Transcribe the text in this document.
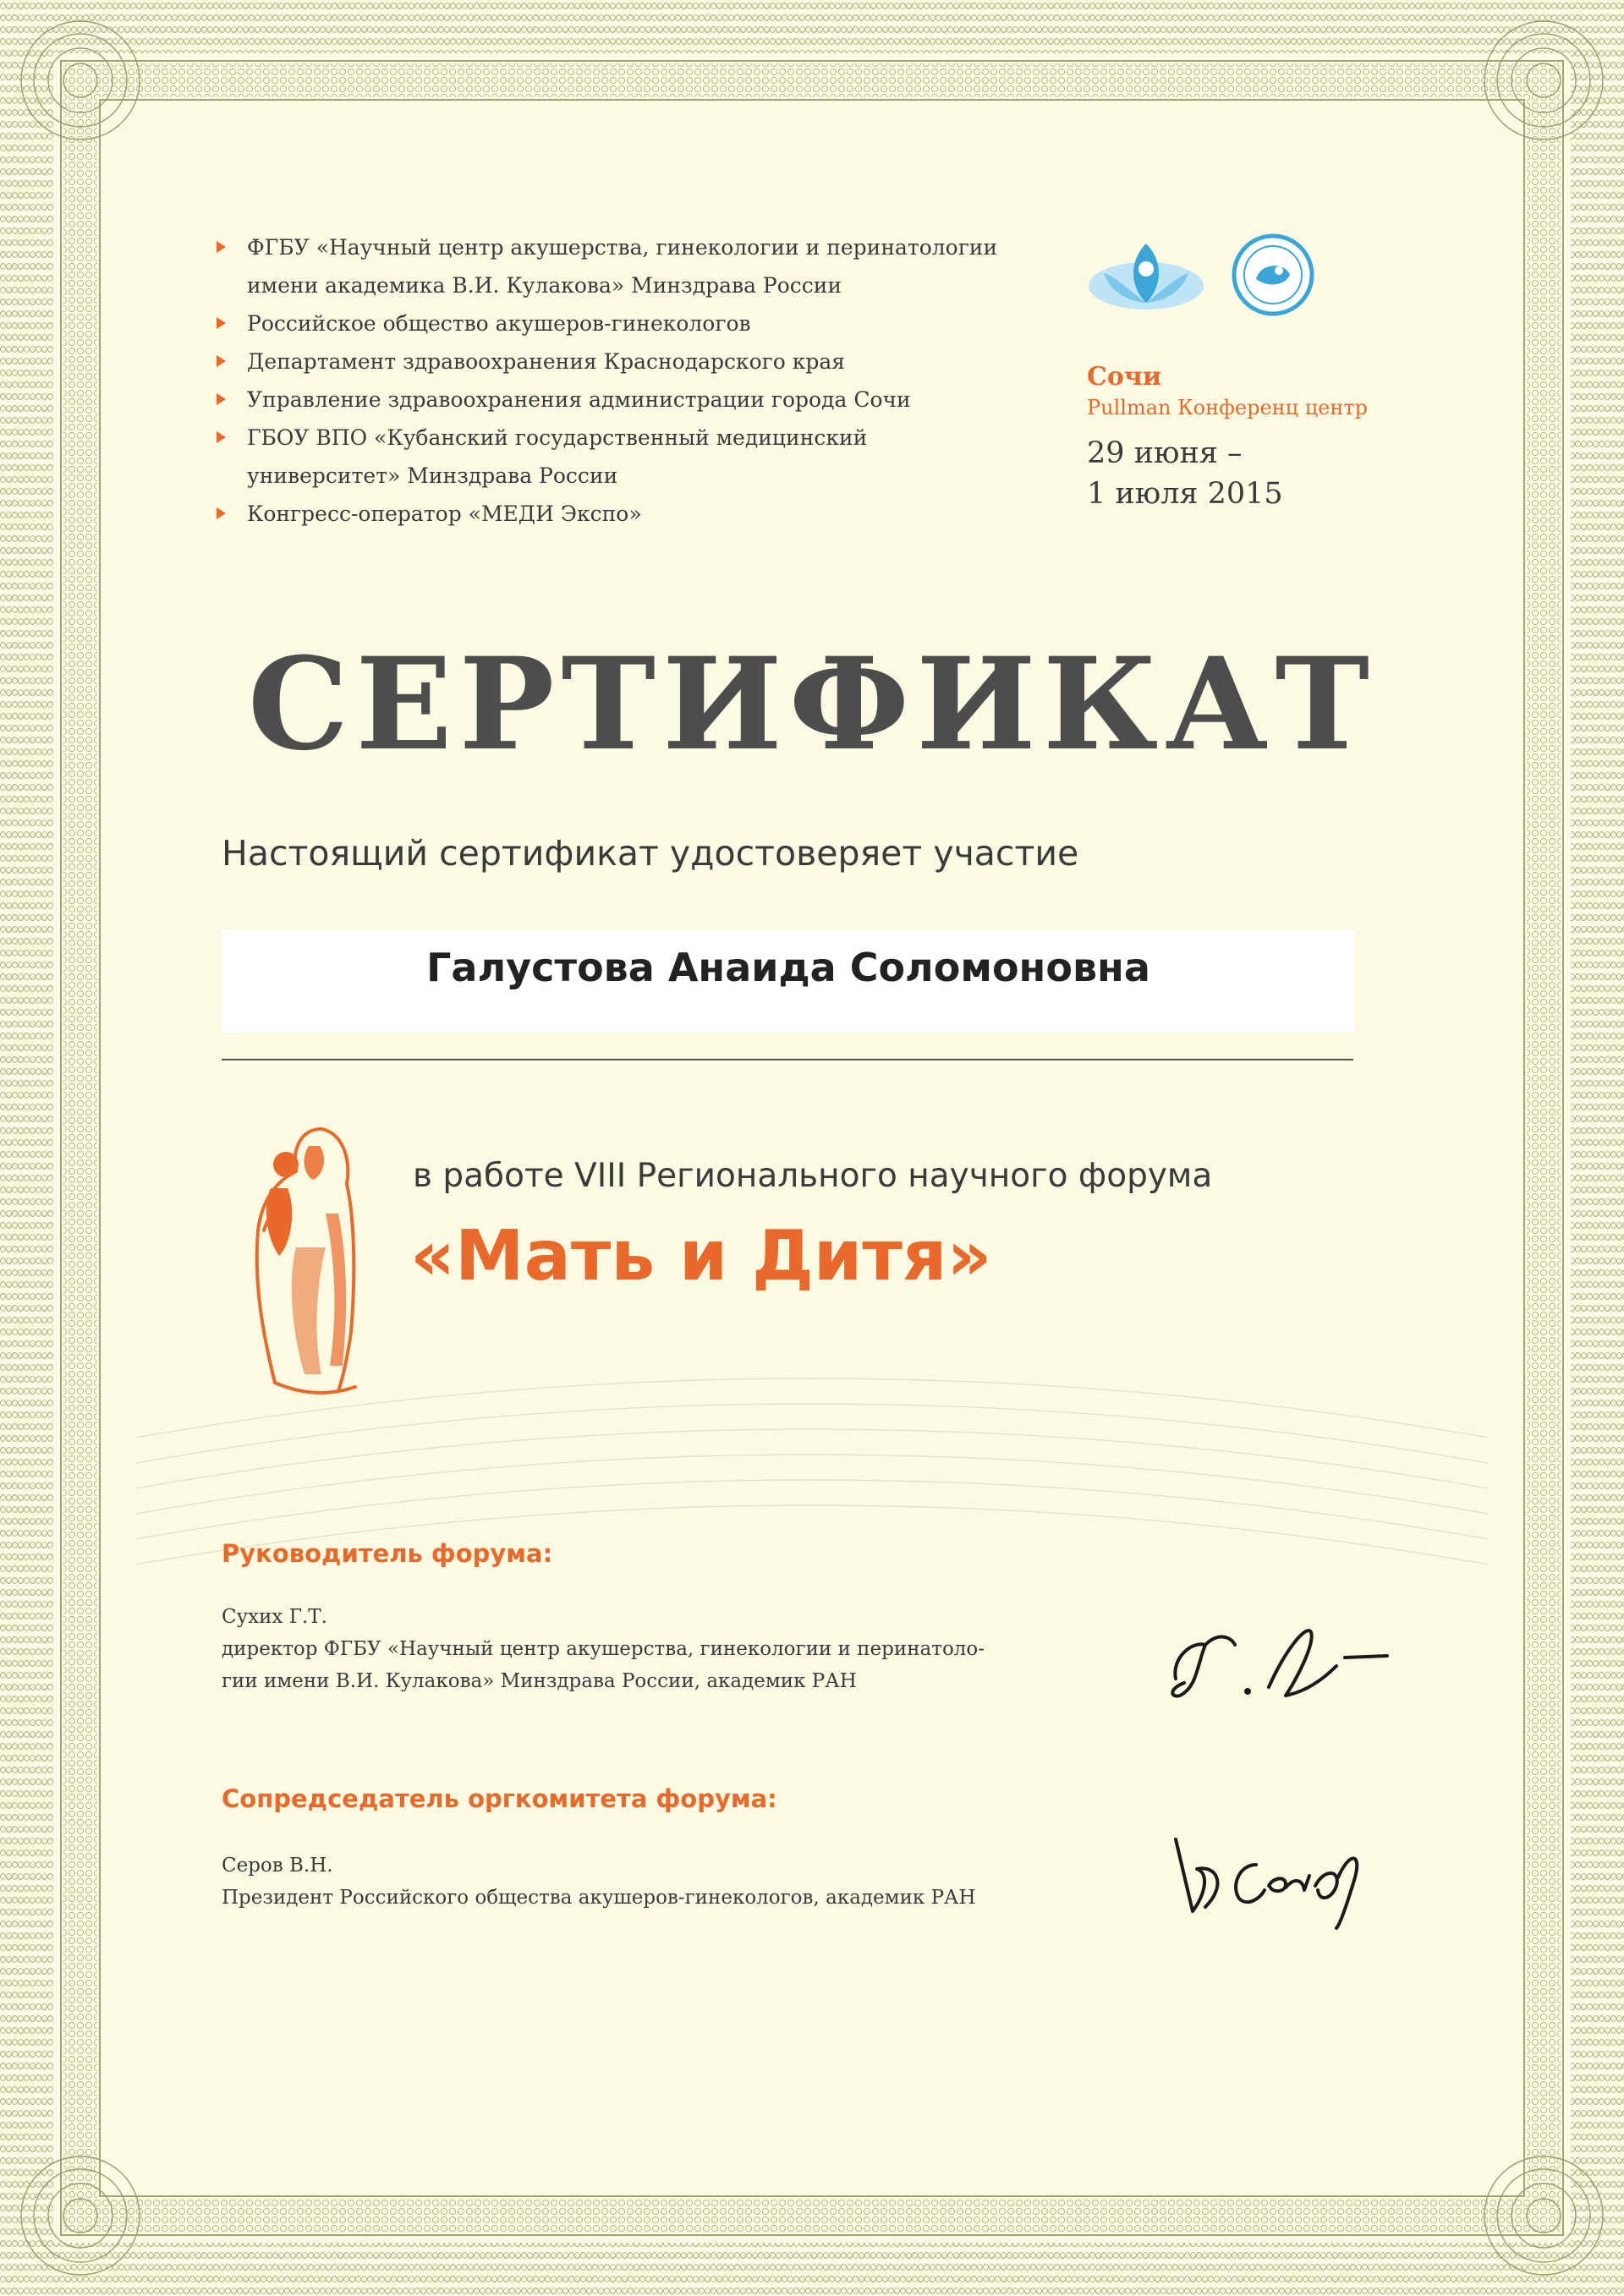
ФГБУ «Научный центр акушерства, гинекологии и перинатологии
имени академика В.И. Кулакова» Минздрава России
Российское общество акушеров-гинекологов
Департамент здравоохранения Краснодарского края
Управление здравоохранения администрации города Сочи
ГБОУ ВПО «Кубанский государственный медицинский
университет» Минздрава России
Конгресс-оператор «МЕДИ Экспо»
Сочи
Pullman Конференц центр
29 июня –
1 июля 2015
СЕРТИФИКАТ
Настоящий сертификат удостоверяет участие
Галустова Анаида Соломоновна
в работе VIII Регионального научного форума
«Мать и Дитя»
Руководитель форума:
Сухих Г.Т.
директор ФГБУ «Научный центр акушерства, гинекологии и перинатоло-
гии имени В.И. Кулакова» Минздрава России, академик РАН
Сопредседатель оргкомитета форума:
Серов В.Н.
Президент Российского общества акушеров-гинекологов, академик РАН
